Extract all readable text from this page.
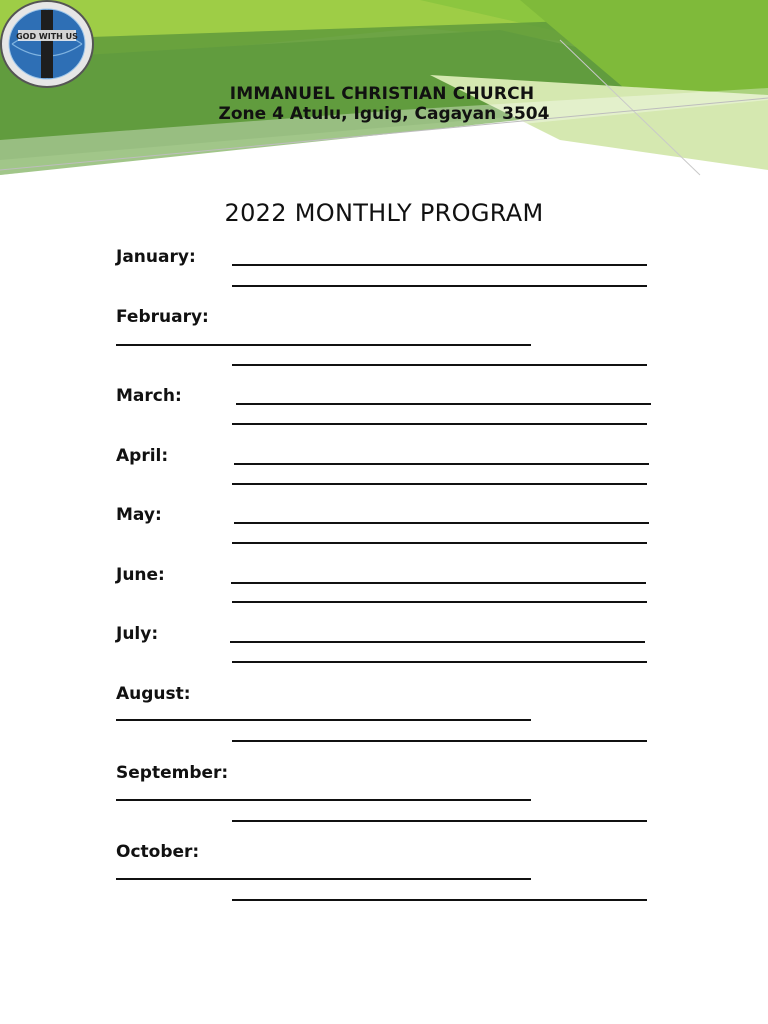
GOD WITH US
IMMANUEL CHRISTIAN CHURCH
Zone 4 Atulu, Iguig, Cagayan 3504
2022 MONTHLY PROGRAM
January:
February:
March:
April:
May:
June:
July:
August:
September:
October:
